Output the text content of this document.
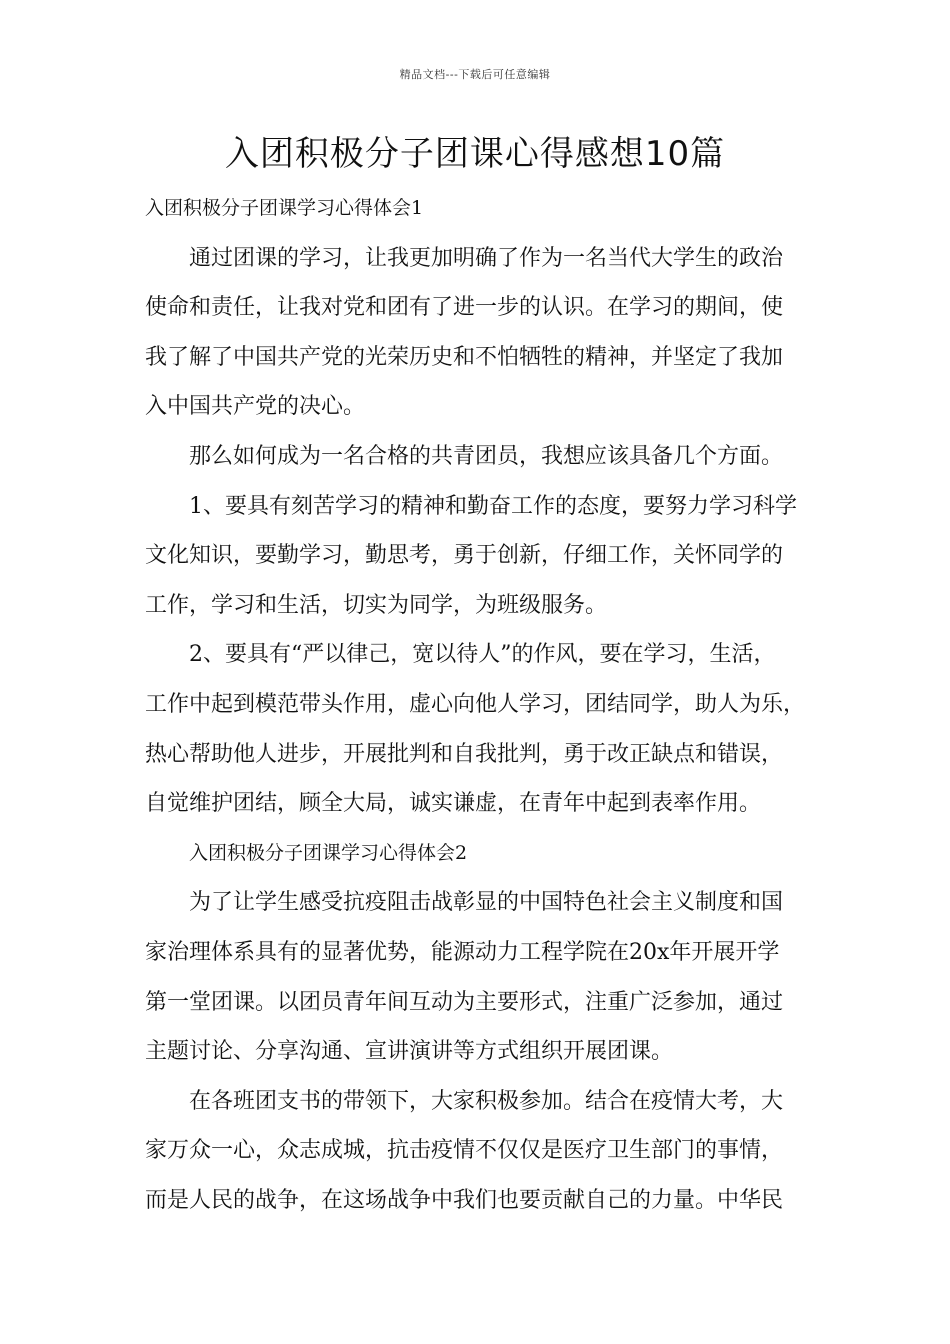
精品文档---下载后可任意编辑
入团积极分子团课心得感想10篇
入团积极分子团课学习心得体会1
通过团课的学习，让我更加明确了作为一名当代大学生的政治
使命和责任，让我对党和团有了进一步的认识。在学习的期间，使
我了解了中国共产党的光荣历史和不怕牺牲的精神，并坚定了我加
入中国共产党的决心。
那么如何成为一名合格的共青团员，我想应该具备几个方面。
1、要具有刻苦学习的精神和勤奋工作的态度，要努力学习科学
文化知识，要勤学习，勤思考，勇于创新，仔细工作，关怀同学的
工作，学习和生活，切实为同学，为班级服务。
2、要具有“严以律己，宽以待人”的作风，要在学习，生活，
工作中起到模范带头作用，虚心向他人学习，团结同学，助人为乐，
热心帮助他人进步，开展批判和自我批判，勇于改正缺点和错误，
自觉维护团结，顾全大局，诚实谦虚，在青年中起到表率作用。
入团积极分子团课学习心得体会2
为了让学生感受抗疫阻击战彰显的中国特色社会主义制度和国
家治理体系具有的显著优势，能源动力工程学院在20x年开展开学
第一堂团课。以团员青年间互动为主要形式，注重广泛参加，通过
主题讨论、分享沟通、宣讲演讲等方式组织开展团课。
在各班团支书的带领下，大家积极参加。结合在疫情大考，大
家万众一心，众志成城，抗击疫情不仅仅是医疗卫生部门的事情，
而是人民的战争，在这场战争中我们也要贡献自己的力量。中华民
